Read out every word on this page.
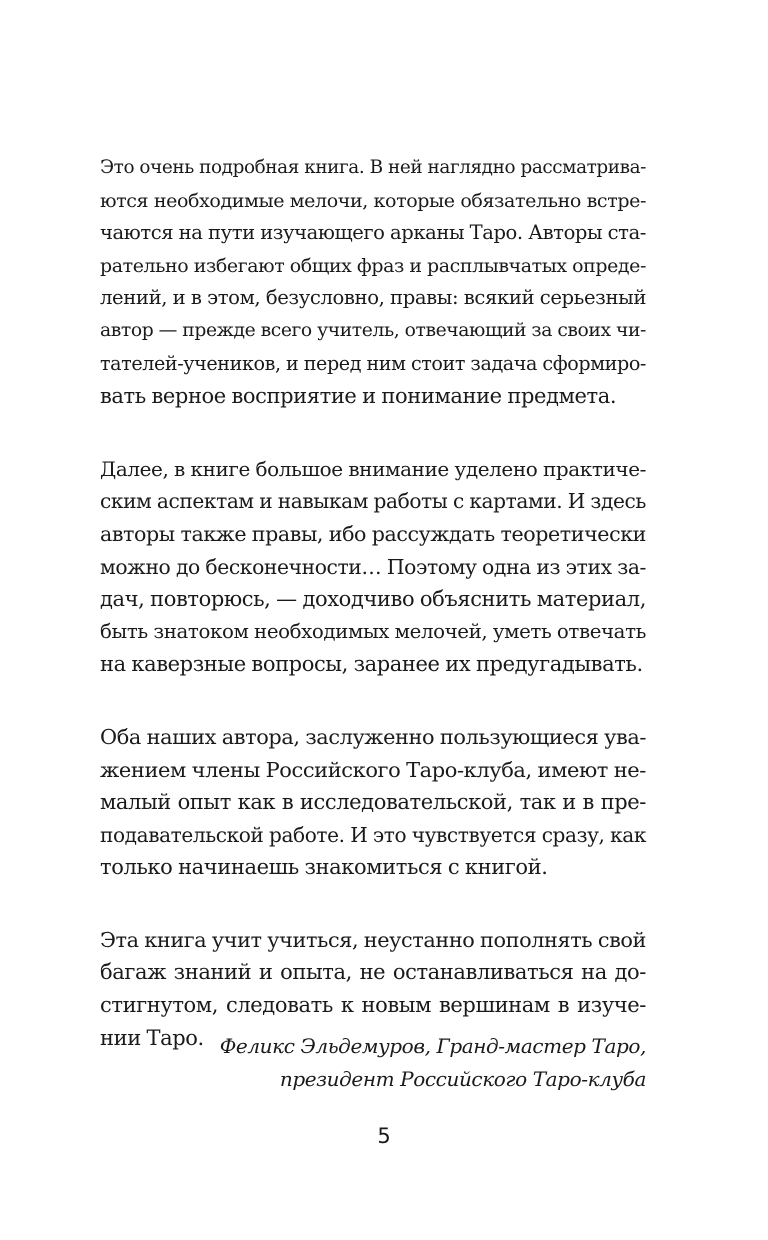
Это очень подробная книга. В ней наглядно рассматрива-
ются необходимые мелочи, которые обязательно встре-
чаются на пути изучающего арканы Таро. Авторы ста-
рательно избегают общих фраз и расплывчатых опреде-
лений, и в этом, безусловно, правы: всякий серьезный
автор — прежде всего учитель, отвечающий за своих чи-
тателей-учеников, и перед ним стоит задача сформиро-
вать верное восприятие и понимание предмета.

Далее, в книге большое внимание уделено практиче-
ским аспектам и навыкам работы с картами. И здесь
авторы также правы, ибо рассуждать теоретически
можно до бесконечности… Поэтому одна из этих за-
дач, повторюсь, — доходчиво объяснить материал,
быть знатоком необходимых мелочей, уметь отвечать
на каверзные вопросы, заранее их предугадывать.

Оба наших автора, заслуженно пользующиеся ува-
жением члены Российского Таро-клуба, имеют не-
малый опыт как в исследовательской, так и в пре-
подавательской работе. И это чувствуется сразу, как
только начинаешь знакомиться с книгой.

Эта книга учит учиться, неустанно пополнять свой
багаж знаний и опыта, не останавливаться на до-
стигнутом, следовать к новым вершинам в изуче-
нии Таро. Феликс Эльдемуров, Гранд-мастер Таро,
президент Российского Таро-клуба
5
